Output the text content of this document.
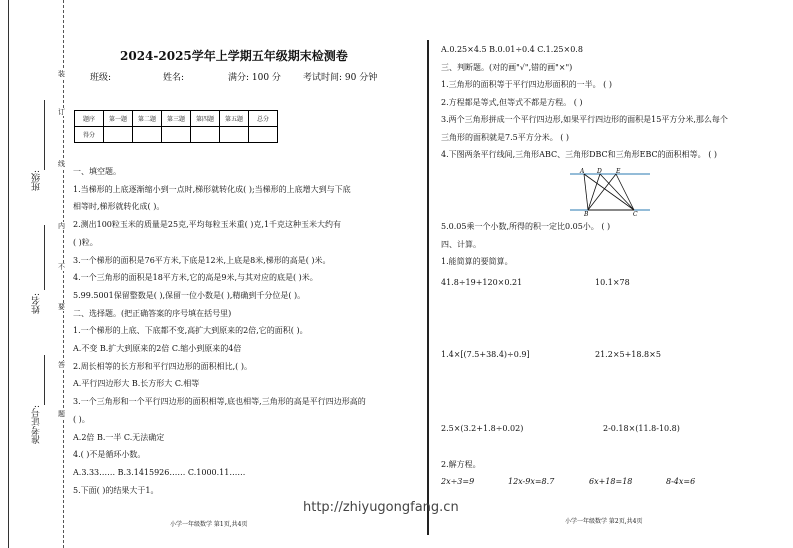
班级:
姓名:
准考证号:
装
订
线
内
不
要
答
题
2024-2025学年上学期五年级期末检测卷
班级:	姓名:	满分: 100 分 考试时间: 90 分钟
题序	第一题	第二题	第三题	第四题	第五题	总分
得分						
一、填空题。
1.当梯形的上底逐渐缩小到一点时,梯形就转化成( );当梯形的上底增大到与下底
相等时,梯形就转化成( )。
2.测出100粒玉米的质量是25克,平均每粒玉米重( )克,1千克这种玉米大约有
( )粒。
3.一个梯形的面积是76平方米,下底是12米,上底是8米,梯形的高是( )米。
4.一个三角形的面积是18平方米,它的高是9米,与其对应的底是( )米。
5.99.5001保留整数是( ),保留一位小数是( ),精确到千分位是( )。
二、选择题。(把正确答案的序号填在括号里)
1.一个梯形的上底、下底都不变,高扩大到原来的2倍,它的面积( )。
A.不变 B.扩大到原来的2倍 C.缩小到原来的4倍
2.周长相等的长方形和平行四边形的面积相比,( )。
A.平行四边形大 B.长方形大 C.相等
3.一个三角形和一个平行四边形的面积相等,底也相等,三角形的高是平行四边形高的
( )。
A.2倍 B.一半 C.无法确定
4.( )不是循环小数。
A.3.33…… B.3.1415926…… C.1000.11……
5.下面( )的结果大于1。
小学一年级数学 第1页,共4页
A.0.25×4.5 B.0.01÷0.4 C.1.25×0.8
三、判断题。(对的画"√",错的画"×")
1.三角形的面积等于平行四边形面积的一半。 ( )
2.方程都是等式,但等式不都是方程。 ( )
3.两个三角形拼成一个平行四边形,如果平行四边形的面积是15平方分米,那么每个
三角形的面积就是7.5平方分米。 ( )
4.下图两条平行线间,三角形ABC、三角形DBC和三角形EBC的面积相等。 ( )
A D E
B	C
5.0.05乘一个小数,所得的积一定比0.05小。 ( )
四、计算。
1.能简算的要简算。
41.8÷19+120×0.21	10.1×78
1.4×[(7.5+38.4)÷0.9]	21.2×5+18.8×5
2.5×(3.2+1.8÷0.02)	2-0.18×(11.8-10.8)
2.解方程。
2x÷3=9	12x-9x=8.7	6x+18=18	8-4x=6
小学一年级数学 第2页,共4页
http://zhiyugongfang.cn
